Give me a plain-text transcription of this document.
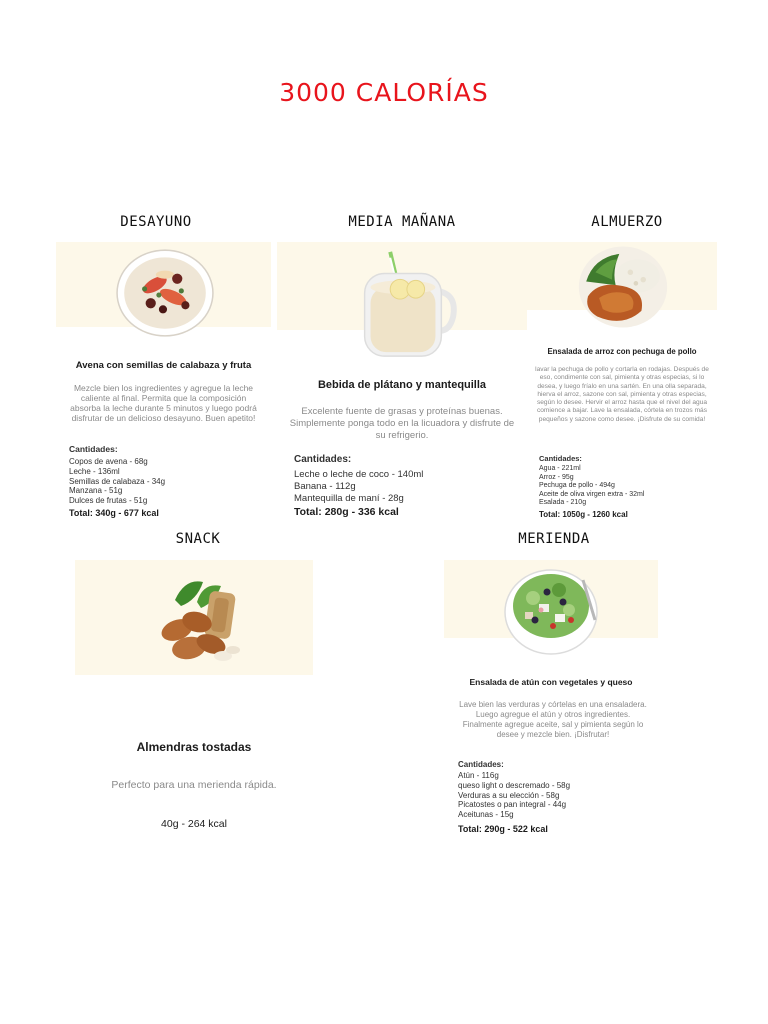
3000 CALORÍAS
DESAYUNO	MEDIA MAÑANA	ALMUERZO
SNACK	MERIENDA
Avena con semillas de calabaza y fruta
Mezcle bien los ingredientes y agregue la leche caliente al final. Permita que la composición absorba la leche durante 5 minutos y luego podrá disfrutar de un delicioso desayuno. Buen apetito!
Cantidades:
Copos de avena - 68g
Leche - 136ml
Semillas de calabaza - 34g
Manzana - 51g
Dulces de frutas - 51g
Total: 340g - 677 kcal
Bebida de plátano y mantequilla
Excelente fuente de grasas y proteínas buenas. Simplemente ponga todo en la licuadora y disfrute de su refrigerio.
Cantidades:
Leche o leche de coco - 140ml
Banana - 112g
Mantequilla de maní - 28g
Total: 280g - 336 kcal
Ensalada de arroz con pechuga de pollo
lavar la pechuga de pollo y cortarla en rodajas. Después de eso, condimente con sal, pimienta y otras especias, si lo desea, y luego fríalo en una sartén. En una olla separada, hierva el arroz, sazone con sal, pimienta y otras especias, según lo desee. Hervir el arroz hasta que el nivel del agua comience a bajar. Lave la ensalada, córtela en trozos más pequeños y sazone como desee. ¡Disfrute de su comida!
Cantidades:
Agua - 221ml
Arroz - 95g
Pechuga de pollo - 494g
Aceite de oliva virgen extra - 32ml
Esalada - 210g
Total: 1050g - 1260 kcal
Almendras tostadas
Perfecto para una merienda rápida.
40g - 264 kcal
Ensalada de atún con vegetales y queso
Lave bien las verduras y córtelas en una ensaladera. Luego agregue el atún y otros ingredientes. Finalmente agregue aceite, sal y pimienta según lo desee y mezcle bien. ¡Disfrutar!
Cantidades:
Atún - 116g
queso light o descremado - 58g
Verduras a su elección - 58g
Picatostes o pan integral - 44g
Aceitunas - 15g
Total: 290g - 522 kcal
